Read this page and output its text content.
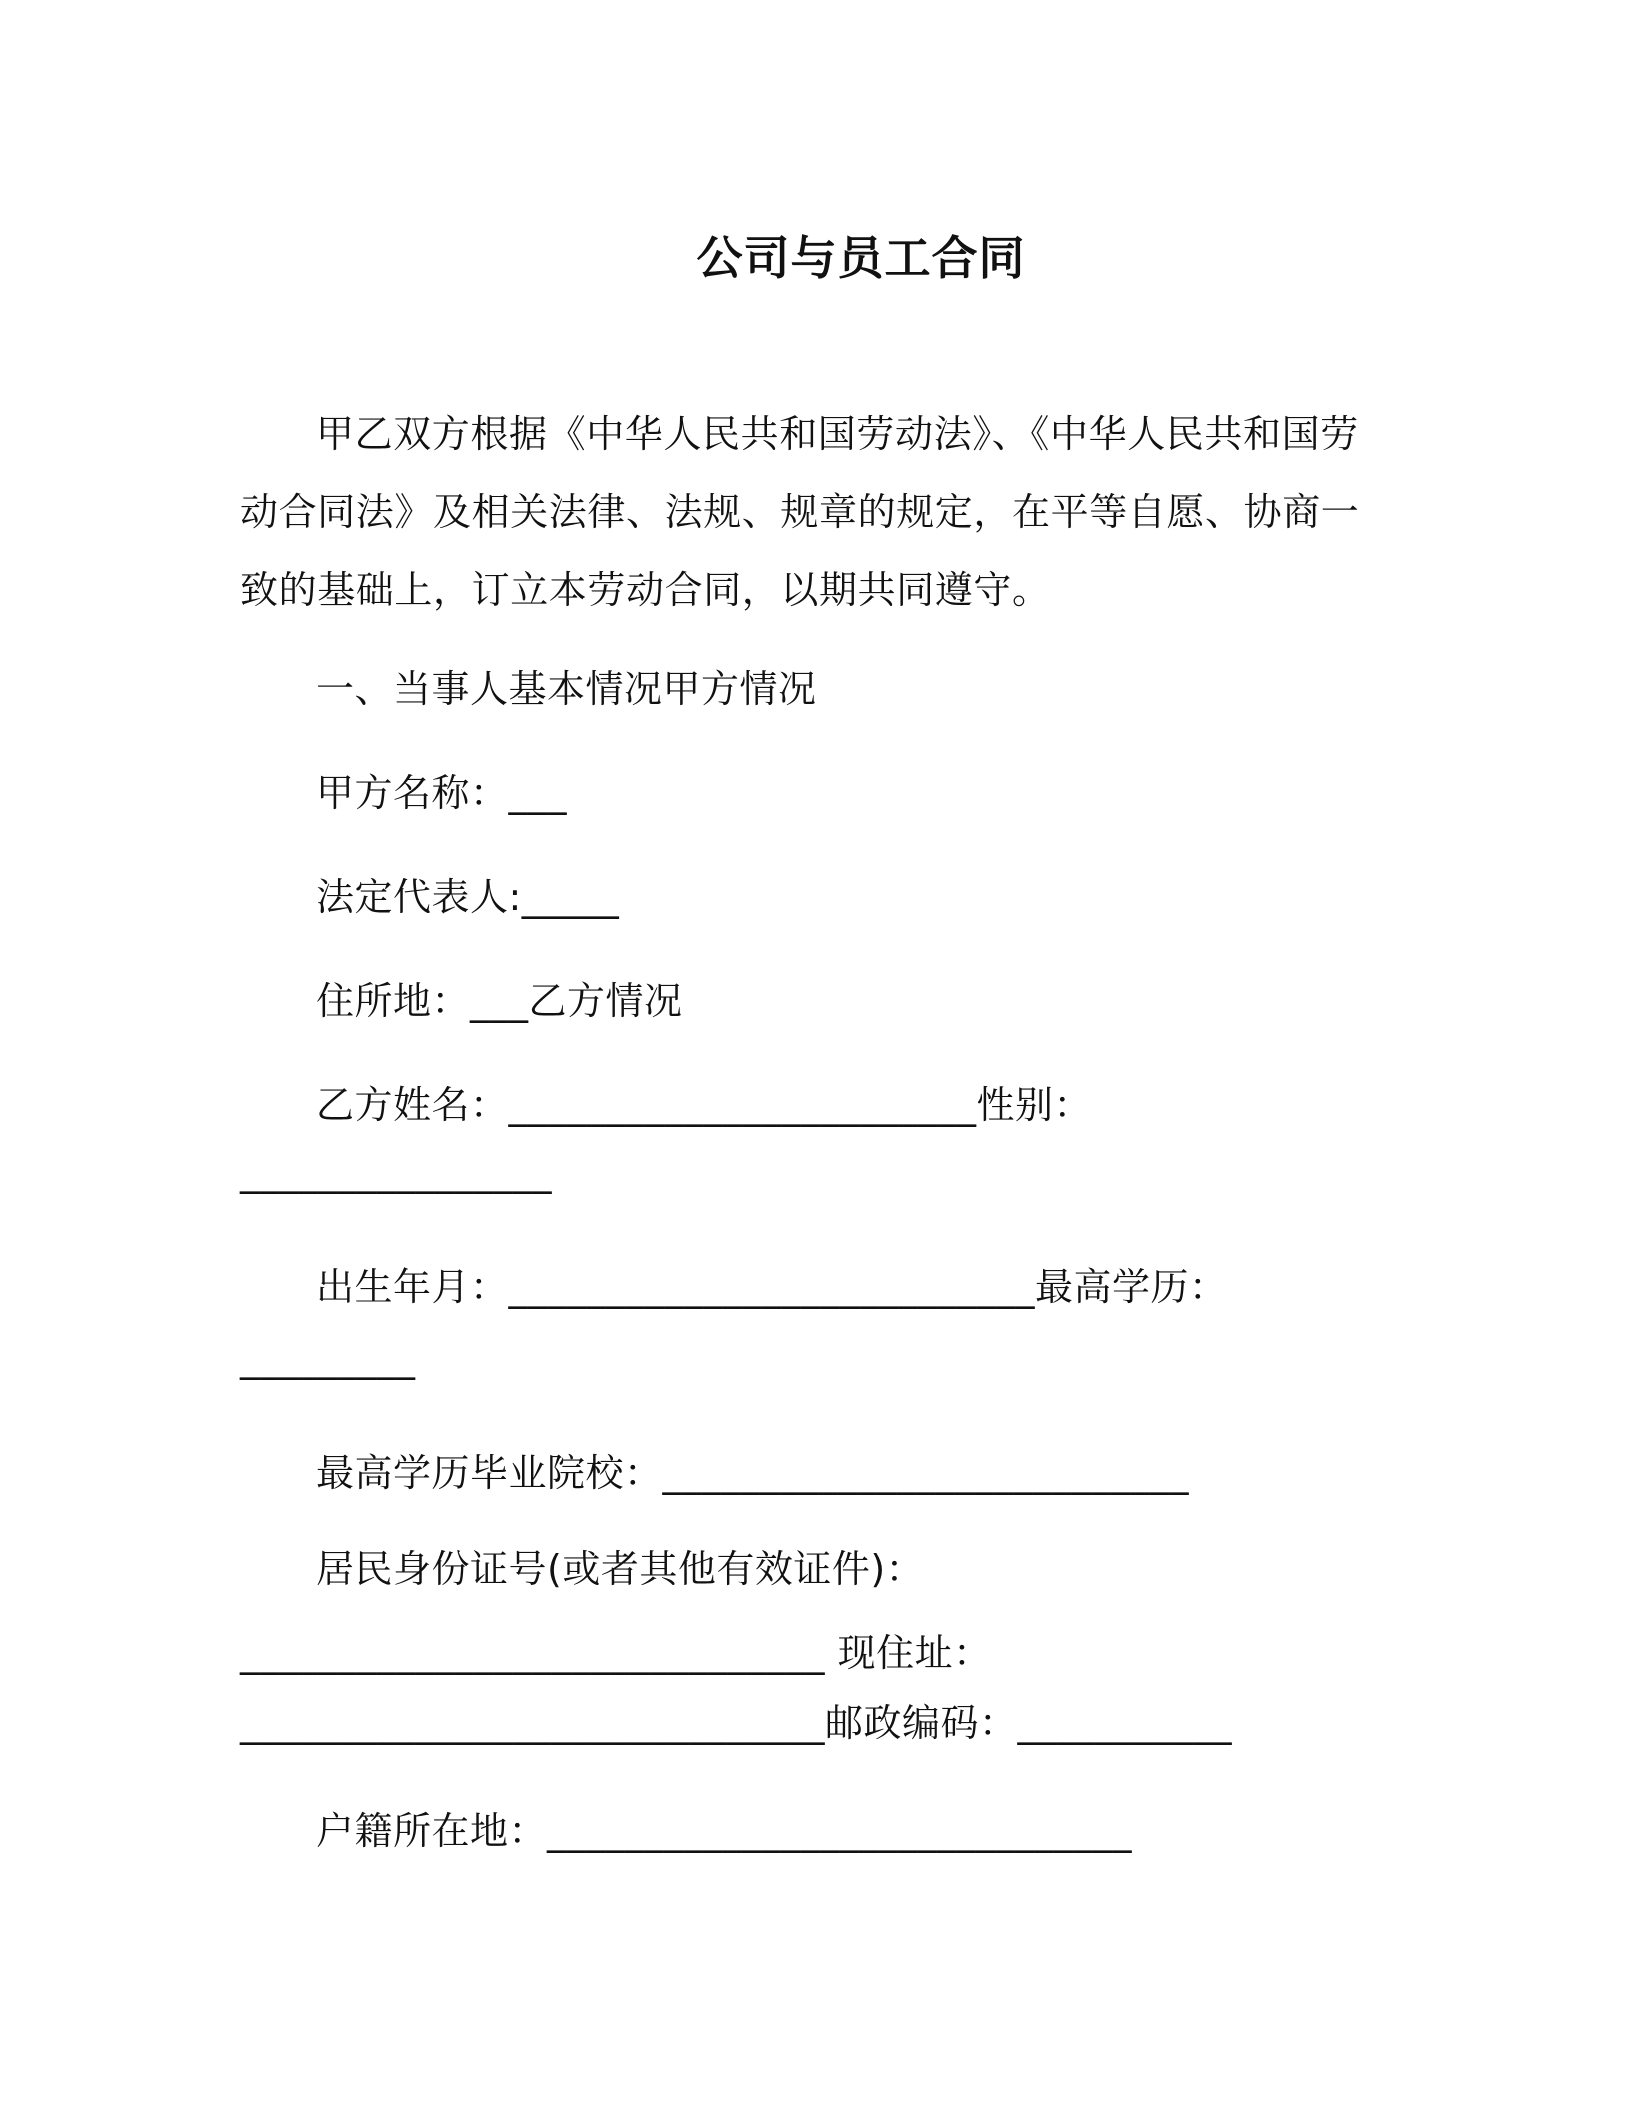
公司与员工合同

甲乙双方根据《中华人民共和国劳动法》、《中华人民共和国劳动合同法》及相关法律、法规、规章的规定，在平等自愿、协商一致的基础上，订立本劳动合同，以期共同遵守。

一、当事人基本情况甲方情况
甲方名称：___
法定代表人:_____
住所地：___乙方情况
乙方姓名：________________________性别：
________________
出生年月：___________________________最高学历：
_________
最高学历毕业院校：___________________________
居民身份证号(或者其他有效证件)：
______________________________ 现住址：
______________________________邮政编码：___________
户籍所在地：______________________________
